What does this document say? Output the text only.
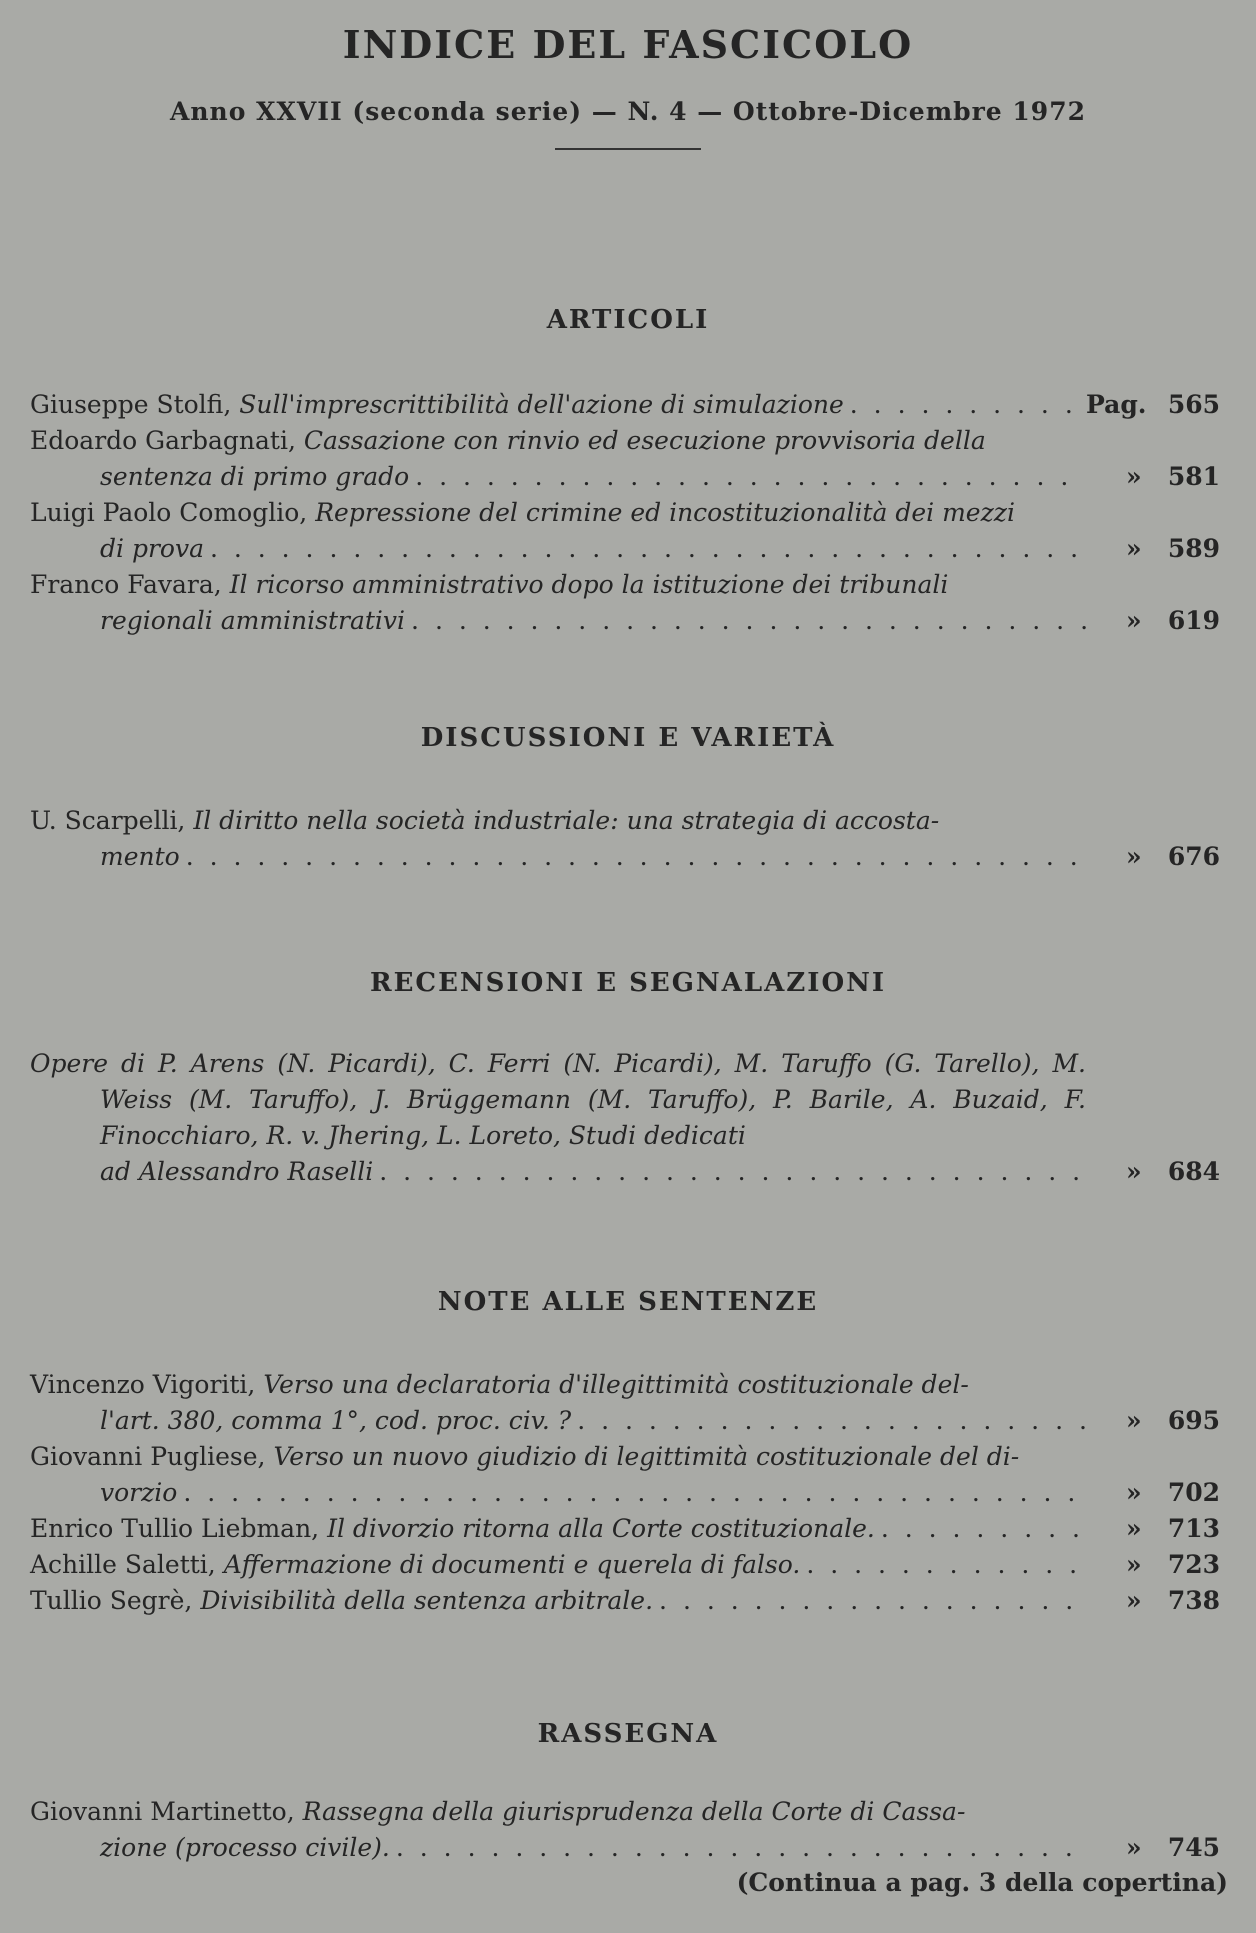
INDICE DEL FASCICOLO
Anno XXVII (seconda serie) — N. 4 — Ottobre-Dicembre 1972
ARTICOLI
Giuseppe Stolfi,
Sull'imprescrittibilità dell'azione di simulazione . . .	Pag. 565
Edoardo Garbagnati, Cassazione con rinvio ed esecuzione provvisoria della
sentenza di primo grado . . .	» 581
Luigi Paolo Comoglio, Repressione del crimine ed incostituzionalità dei mezzi
di prova . . .	» 589
Franco Favara, Il ricorso amministrativo dopo la istituzione dei tribunali
regionali amministrativi . . .	» 619
DISCUSSIONI E VARIETÀ
U. Scarpelli, Il diritto nella società industriale: una strategia di accosta-
mento . . .	» 676
RECENSIONI E SEGNALAZIONI
Opere di P. Arens (N. Picardi), C. Ferri (N. Picardi), M. Taruffo (G. Tarello), M. Weiss (M. Taruffo), J. Brüggemann (M. Taruffo), P. Barile, A. Buzaid, F. Finocchiaro, R. v. Jhering, L. Loreto, Studi dedicati
ad Alessandro Raselli . . .	» 684
NOTE ALLE SENTENZE
Vincenzo Vigoriti, Verso una declaratoria d'illegittimità costituzionale del-
l'art. 380, comma 1°, cod. proc. civ. ? . . .	» 695
Giovanni Pugliese, Verso un nuovo giudizio di legittimità costituzionale del di-
vorzio . . .	» 702
Enrico Tullio Liebman,
Il divorzio ritorna alla Corte costituzionale. . . .	» 713
Achille Saletti,
Affermazione di documenti e querela di falso. . . .	» 723
Tullio Segrè,
Divisibilità della sentenza arbitrale. . . .	» 738
RASSEGNA
Giovanni Martinetto, Rassegna della giurisprudenza della Corte di Cassa-
zione (processo civile). . . .	» 745
(Continua a pag. 3 della copertina)
